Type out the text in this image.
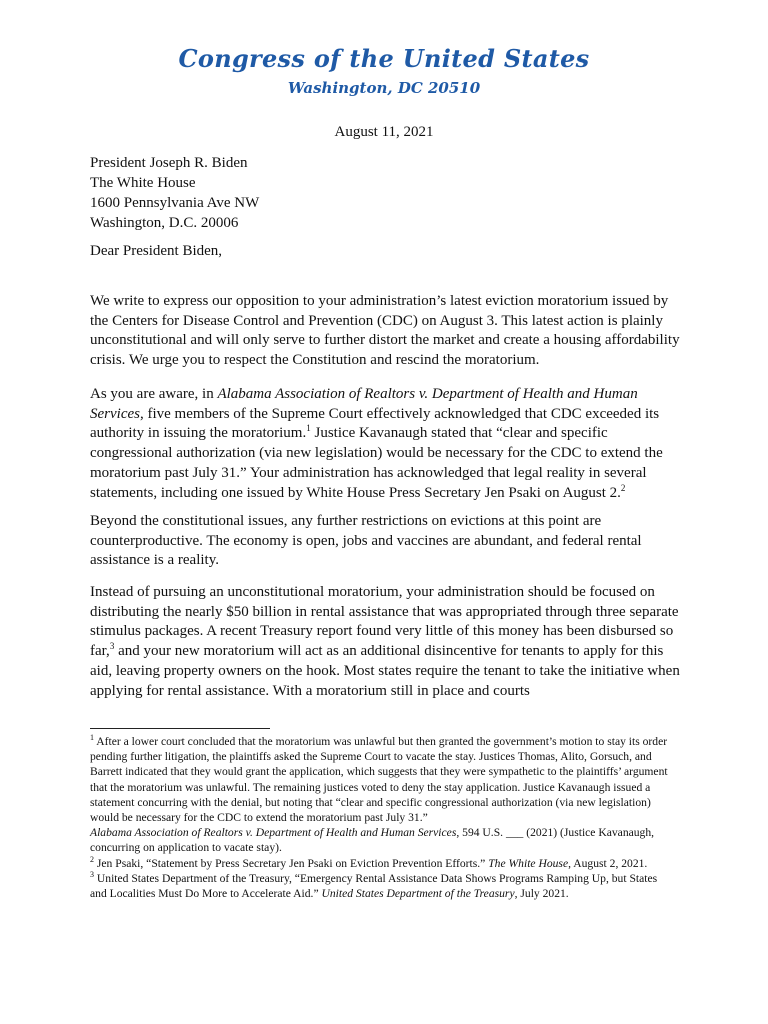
Congress of the United States
Washington, DC 20510
August 11, 2021
President Joseph R. Biden
The White House
1600 Pennsylvania Ave NW
Washington, D.C. 20006
Dear President Biden,

We write to express our opposition to your administration’s latest eviction moratorium issued by the Centers for Disease Control and Prevention (CDC) on August 3. This latest action is plainly unconstitutional and will only serve to further distort the market and create a housing affordability crisis. We urge you to respect the Constitution and rescind the moratorium.

As you are aware, in Alabama Association of Realtors v. Department of Health and Human Services, five members of the Supreme Court effectively acknowledged that CDC exceeded its authority in issuing the moratorium.$^1$ Justice Kavanaugh stated that “clear and specific congressional authorization (via new legislation) would be necessary for the CDC to extend the moratorium past July 31.” Your administration has acknowledged that legal reality in several statements, including one issued by White House Press Secretary Jen Psaki on August 2.$^2$

Beyond the constitutional issues, any further restrictions on evictions at this point are counterproductive. The economy is open, jobs and vaccines are abundant, and federal rental assistance is a reality.

Instead of pursuing an unconstitutional moratorium, your administration should be focused on distributing the nearly $50 billion in rental assistance that was appropriated through three separate stimulus packages. A recent Treasury report found very little of this money has been disbursed so far,$^3$ and your new moratorium will act as an additional disincentive for tenants to apply for this aid, leaving property owners on the hook. Most states require the tenant to take the initiative when applying for rental assistance. With a moratorium still in place and courts

$^1$ After a lower court concluded that the moratorium was unlawful but then granted the government’s motion to stay its order pending further litigation, the plaintiffs asked the Supreme Court to vacate the stay. Justices Thomas, Alito, Gorsuch, and Barrett indicated that they would grant the application, which suggests that they were sympathetic to the plaintiffs’ argument that the moratorium was unlawful. The remaining justices voted to deny the stay application. Justice Kavanaugh issued a statement concurring with the denial, but noting that “clear and specific congressional authorization (via new legislation) would be necessary for the CDC to extend the moratorium past July 31.”
Alabama Association of Realtors v. Department of Health and Human Services, 594 U.S. ___ (2021) (Justice Kavanaugh, concurring on application to vacate stay).

$^2$ Jen Psaki, “Statement by Press Secretary Jen Psaki on Eviction Prevention Efforts.” The White House, August 2, 2021.

$^3$ United States Department of the Treasury, “Emergency Rental Assistance Data Shows Programs Ramping Up, but States and Localities Must Do More to Accelerate Aid.” United States Department of the Treasury, July 2021.
